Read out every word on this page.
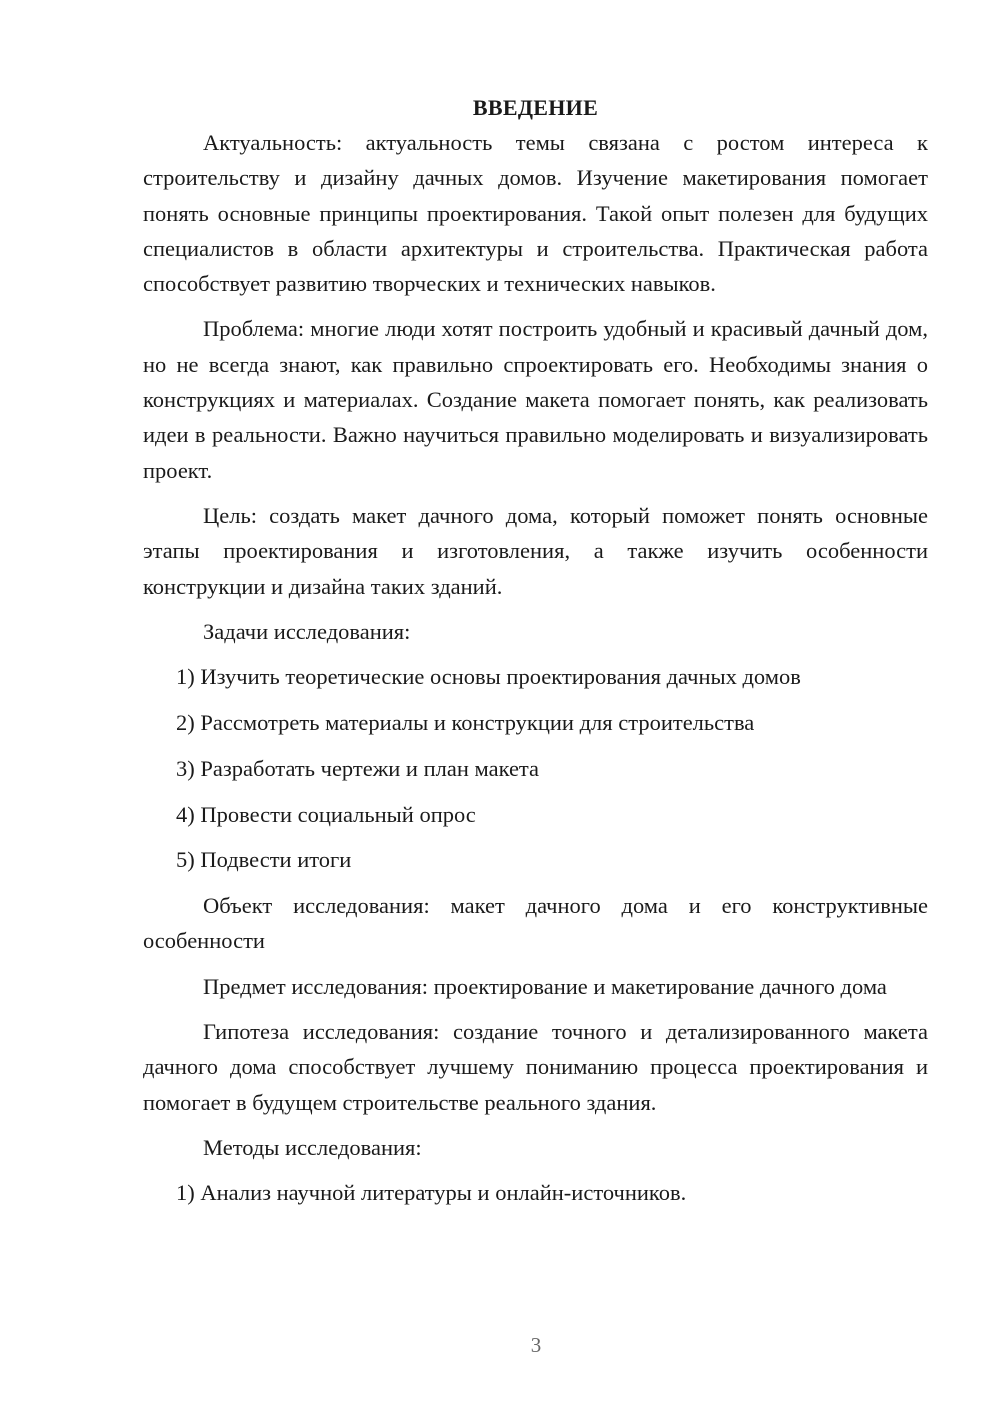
ВВЕДЕНИЕ

Актуальность: актуальность темы связана с ростом интереса к строительству и дизайну дачных домов. Изучение макетирования помогает понять основные принципы проектирования. Такой опыт полезен для будущих специалистов в области архитектуры и строительства. Практическая работа способствует развитию творческих и технических навыков.

Проблема: многие люди хотят построить удобный и красивый дачный дом, но не всегда знают, как правильно спроектировать его. Необходимы знания о конструкциях и материалах. Создание макета помогает понять, как реализовать идеи в реальности. Важно научиться правильно моделировать и визуализировать проект.

Цель: создать макет дачного дома, который поможет понять основные этапы проектирования и изготовления, а также изучить особенности конструкции и дизайна таких зданий.

Задачи исследования:

1) Изучить теоретические основы проектирования дачных домов

2) Рассмотреть материалы и конструкции для строительства

3) Разработать чертежи и план макета

4) Провести социальный опрос

5) Подвести итоги

Объект исследования: макет дачного дома и его конструктивные особенности

Предмет исследования: проектирование и макетирование дачного дома

Гипотеза исследования: создание точного и детализированного макета дачного дома способствует лучшему пониманию процесса проектирования и помогает в будущем строительстве реального здания.

Методы исследования:

1) Анализ научной литературы и онлайн-источников.

3
